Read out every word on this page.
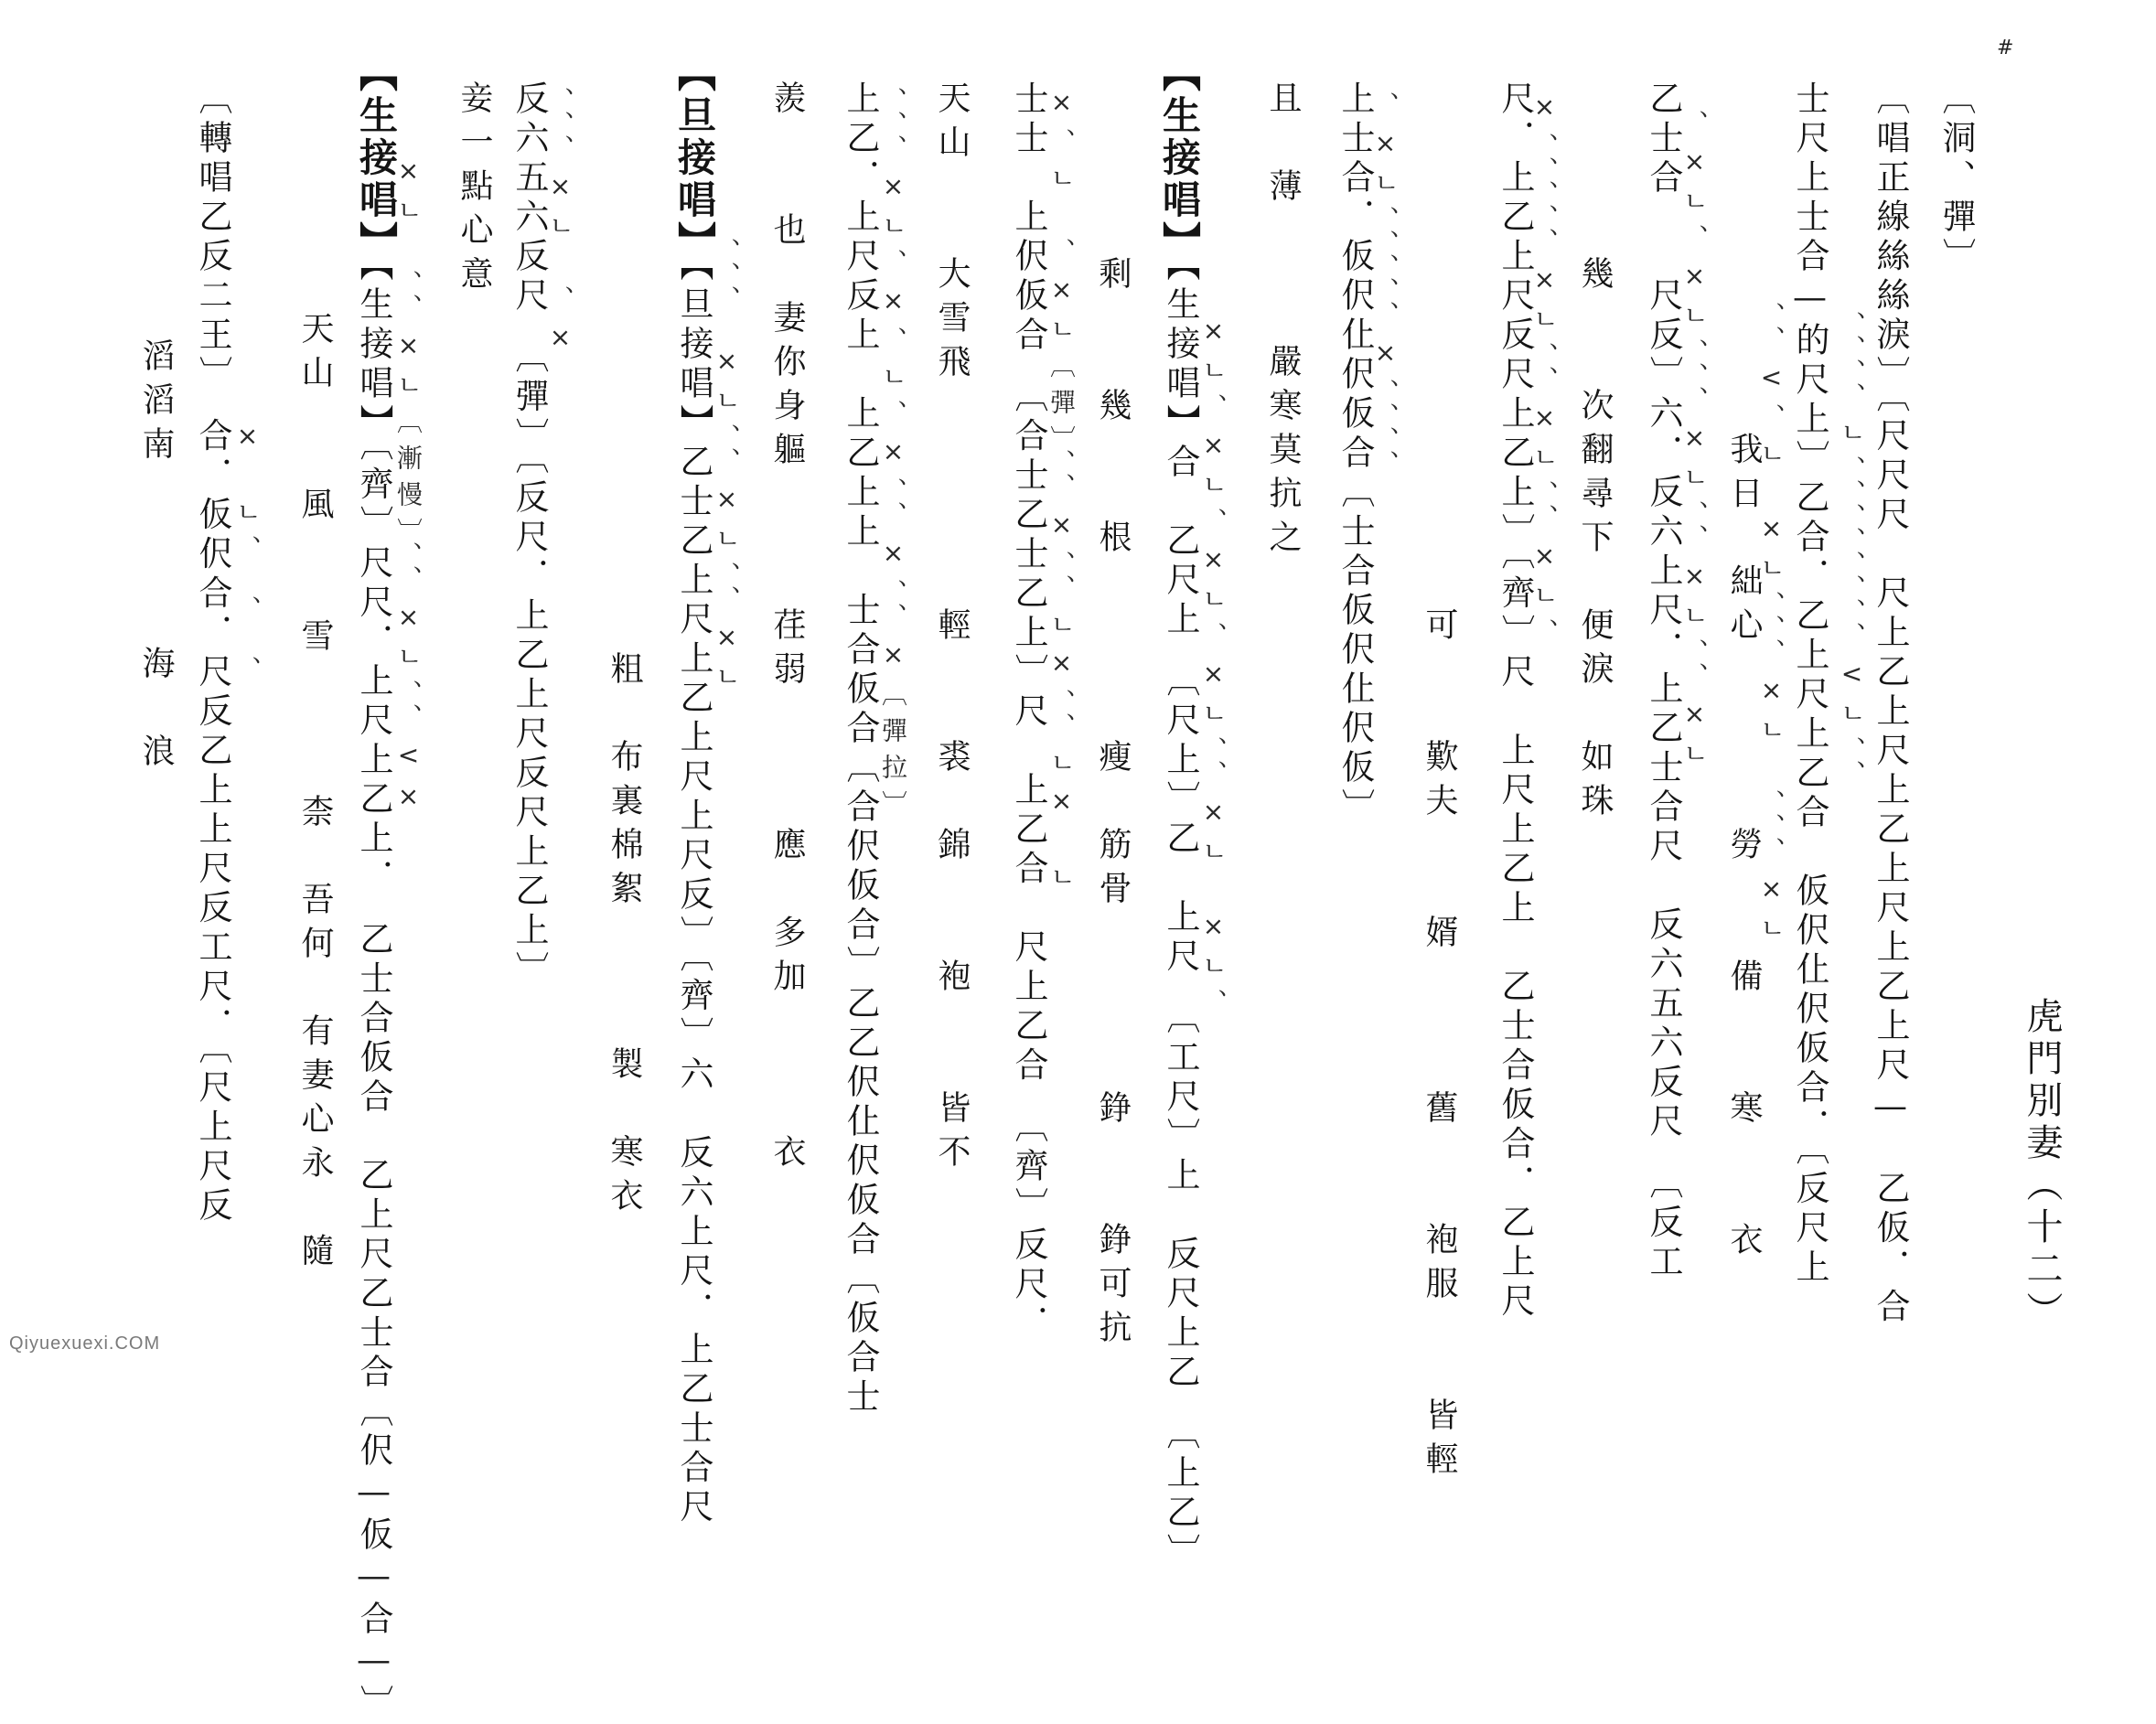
虎門別妻（十二）
#
〔洞、彈〕
〔唱正線絲絲淚〕〔尺尺尺　尺上乙上尺上乙上尺上乙上尺—　乙仮．合
、、、、ㄴ、、、、、、、、<ㄴ、、
士尺上士合—的尺上〕乙合．乙上尺上乙合　仮伬仩伬仮合．〔反尺上
、、<、ㄴ　×ㄴ、、、×ㄴ　、、、×ㄴ
　　　　　　　　我日　絀心　　　　勞　　備　　寒　　衣
乙士合　　尺反〕六．反六上尺．上乙士合尺　反六五六反尺　〔反工
、×ㄴ、×ㄴ、、、×ㄴ、、×ㄴ、、×ㄴ
　　　　幾　　次翻尋下　便淚　如珠
尺．上乙上尺反尺上乙上〕〔齊〕尺　上尺上乙上　乙士合仮合．乙上尺
×、、、、、×ㄴ、、×ㄴ、、×ㄴ、
　　　　　　　　　　　　可　　歎夫　　婿　　　舊　　袍服　　皆輕
上士合．仮伬仩伬仮合〔士合仮伬仩伬仮〕
、×ㄴ、、、、、×、、、、
且　薄　　　嚴寒莫抗之
【生接唱】
【生接唱】合　乙尺上　〔尺上〕乙　上尺　〔工尺〕上　反尺上乙　〔上乙〕
　　×ㄴ、×ㄴ、×ㄴ、×ㄴ、、×ㄴ　×ㄴ、
　　　　剩　　幾　　根　　　　瘦　筋骨　　　　錚　　錚可抗
士士　上伬仮合　〔合士乙士乙上〕尺　上乙合　尺上乙合　〔齊〕反尺．
×、ㄴ　、×ㄴ〔彈〕、、×、、ㄴ×、、ㄴ×　ㄴ
天山　　大雪飛　　　　　輕　　裘　錦　　袍　　皆不
上乙．上尺反上　上乙上上　士合仮合〔合伬仮合〕乙乙伬仩伬仮合〔仮合士
、、、×ㄴ、×、ㄴ、×、、×、、×〔彈拉〕
羨　　也　妻你身軀　　　荏弱　　　應　多加　　　衣
【旦接唱】
【旦接唱】乙士乙上尺上乙上尺上尺反〕〔齊〕六　反六上尺．上乙士合尺
、、、　×ㄴ、、×ㄴ、、×ㄴ
　　　　　　　　　　　　　粗　布裏棉絮　　　製　寒衣
反六五六反尺　〔彈〕〔反尺．上乙上尺反尺上乙上〕
、、、×ㄴ　、×
妾一點心意
【生接唱】
【生接唱】〔齊〕尺尺．上尺上乙上．　乙士合仮合　乙上尺乙士合〔伬—仮—合—〕 ×ㄴ　、、×ㄴ〔漸慢〕、、×ㄴ、、<×
天山　　風　　雪　　　柰　吾何　有妻心永　隨
〔轉唱乙反二王〕　合．仮伬合．尺反乙上上尺反工尺．〔尺上尺反 ×　ㄴ、　、　、
滔滔南　　　　海　浪
Qiyuexuexi.COM
